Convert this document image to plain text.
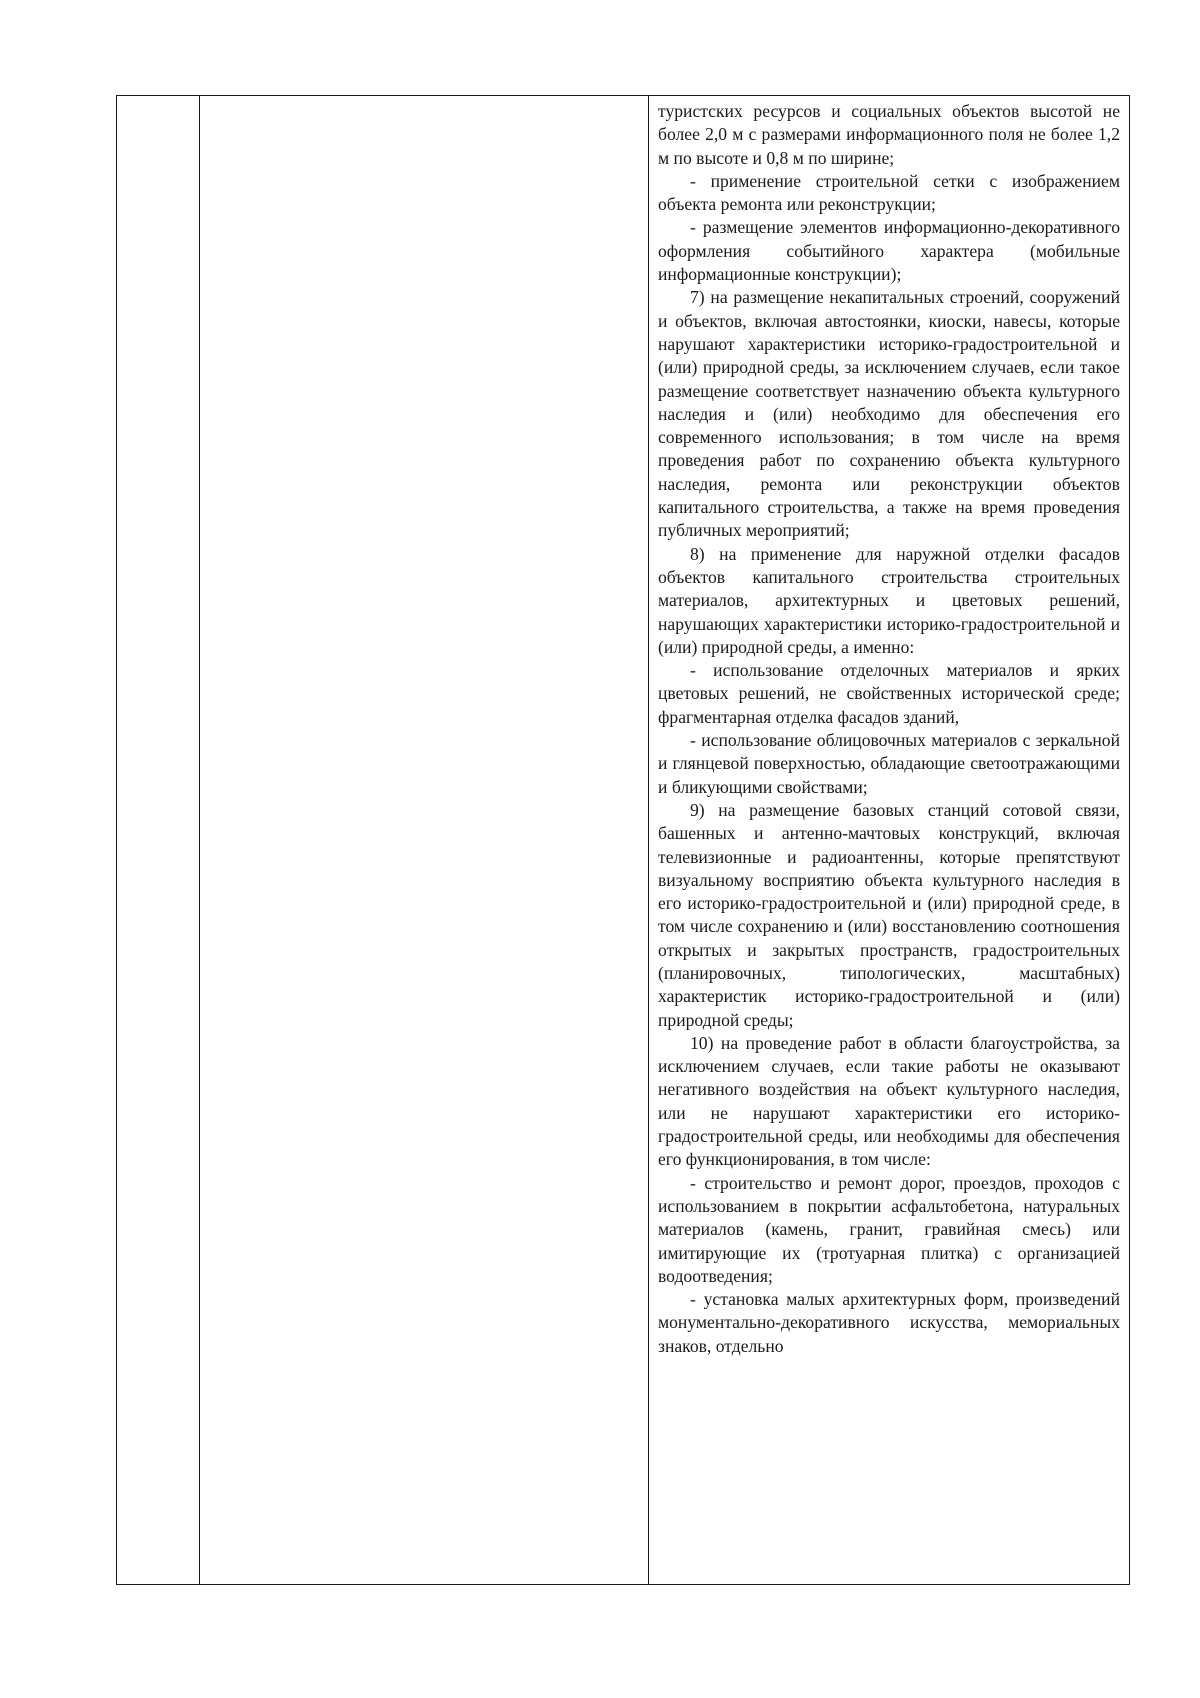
туристских ресурсов и социальных объектов высотой не более 2,0 м с размерами информационного поля не более 1,2 м по высоте и 0,8 м по ширине;

- применение строительной сетки с изображением объекта ремонта или реконструкции;

- размещение элементов информационно-декоративного оформления событийного характера (мобильные информационные конструкции);

7) на размещение некапитальных строений, сооружений и объектов, включая автостоянки, киоски, навесы, которые нарушают характеристики историко-градостроительной и (или) природной среды, за исключением случаев, если такое размещение соответствует назначению объекта культурного наследия и (или) необходимо для обеспечения его современного использования; в том числе на время проведения работ по сохранению объекта культурного наследия, ремонта или реконструкции объектов капитального строительства, а также на время проведения публичных мероприятий;

8) на применение для наружной отделки фасадов объектов капитального строительства строительных материалов, архитектурных и цветовых решений, нарушающих характеристики историко-градостроительной и (или) природной среды, а именно:

- использование отделочных материалов и ярких цветовых решений, не свойственных исторической среде; фрагментарная отделка фасадов зданий,

- использование облицовочных материалов с зеркальной и глянцевой поверхностью, обладающие светоотражающими и бликующими свойствами;

9) на размещение базовых станций сотовой связи, башенных и антенно-мачтовых конструкций, включая телевизионные и радиоантенны, которые препятствуют визуальному восприятию объекта культурного наследия в его историко-градостроительной и (или) природной среде, в том числе сохранению и (или) восстановлению соотношения открытых и закрытых пространств, градостроительных (планировочных, типологических, масштабных) характеристик историко-градостроительной и (или) природной среды;

10) на проведение работ в области благоустройства, за исключением случаев, если такие работы не оказывают негативного воздействия на объект культурного наследия, или не нарушают характеристики его историко-градостроительной среды, или необходимы для обеспечения его функционирования, в том числе:

- строительство и ремонт дорог, проездов, проходов с использованием в покрытии асфальтобетона, натуральных материалов (камень, гранит, гравийная смесь) или имитирующие их (тротуарная плитка) с организацией водоотведения;

- установка малых архитектурных форм, произведений монументально-декоративного искусства, мемориальных знаков, отдельно
